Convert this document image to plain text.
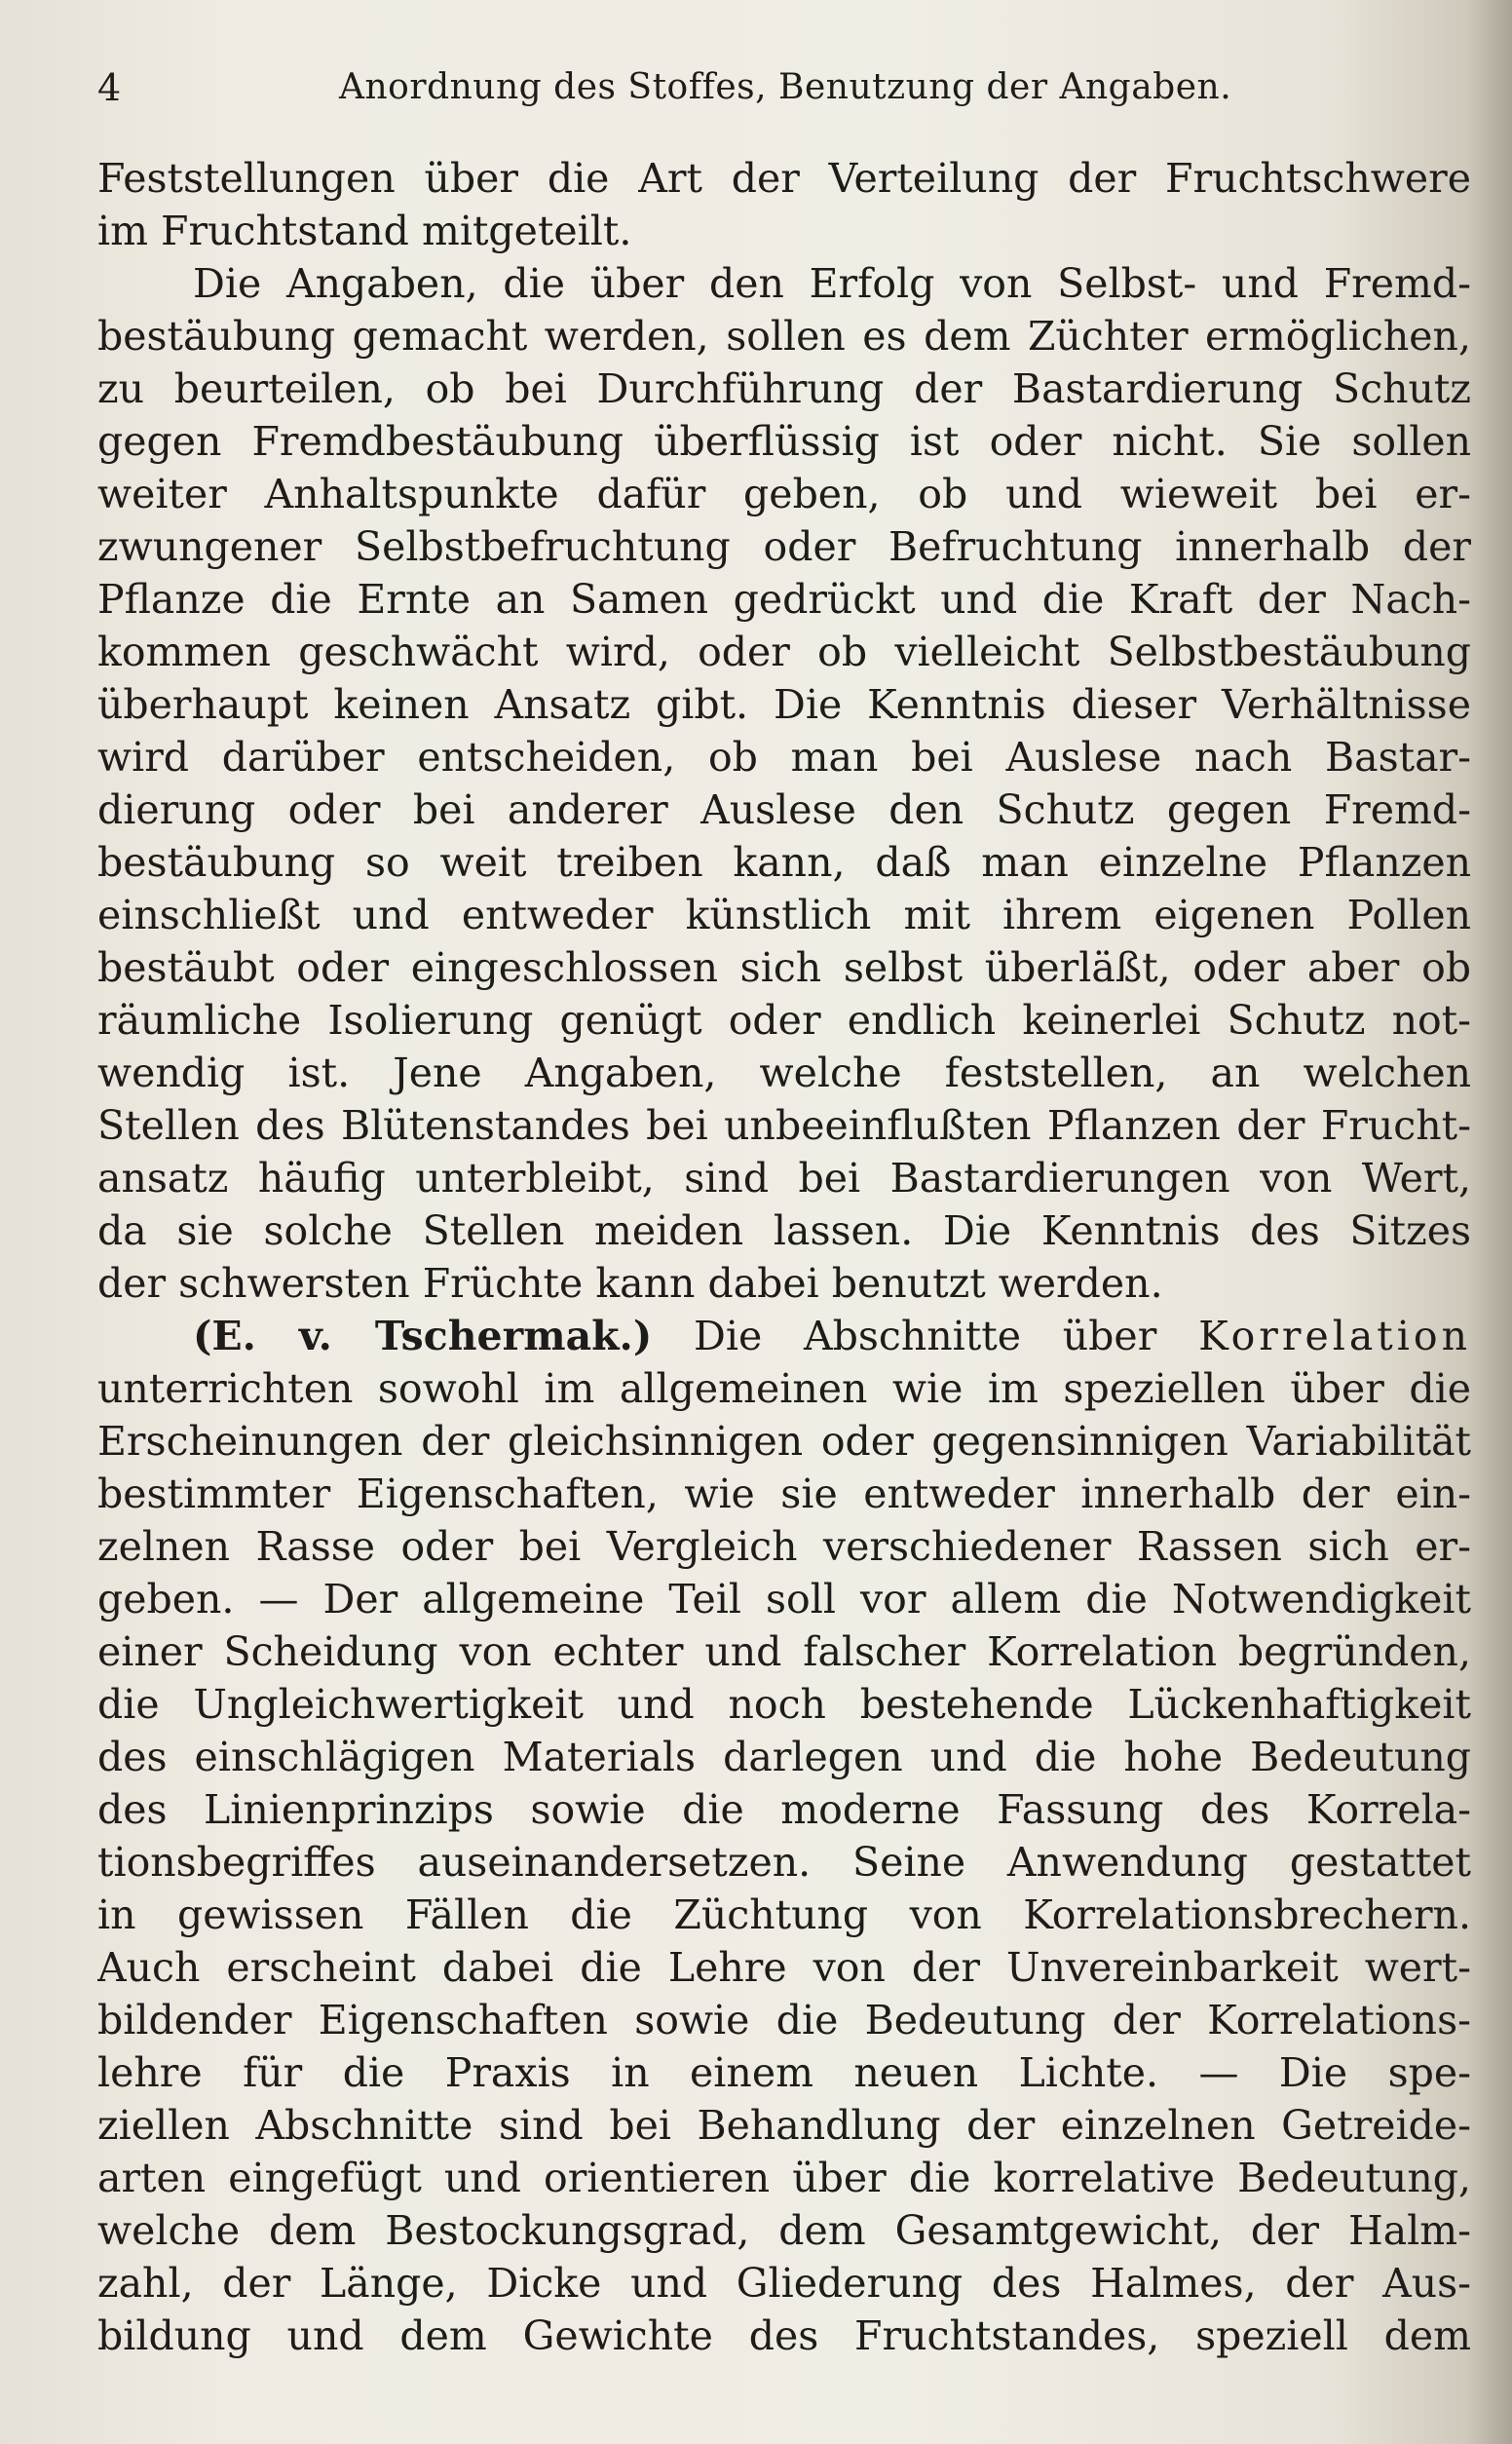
4	Anordnung des Stoffes, Benutzung der Angaben.
Feststellungen über die Art der Verteilung der Fruchtschwere
im Fruchtstand mitgeteilt.
Die Angaben, die über den Erfolg von Selbst- und Fremd-
bestäubung gemacht werden, sollen es dem Züchter ermöglichen,
zu beurteilen, ob bei Durchführung der Bastardierung Schutz
gegen Fremdbestäubung überflüssig ist oder nicht. Sie sollen
weiter Anhaltspunkte dafür geben, ob und wieweit bei er-
zwungener Selbstbefruchtung oder Befruchtung innerhalb der
Pflanze die Ernte an Samen gedrückt und die Kraft der Nach-
kommen geschwächt wird, oder ob vielleicht Selbstbestäubung
überhaupt keinen Ansatz gibt. Die Kenntnis dieser Verhältnisse
wird darüber entscheiden, ob man bei Auslese nach Bastar-
dierung oder bei anderer Auslese den Schutz gegen Fremd-
bestäubung so weit treiben kann, daß man einzelne Pflanzen
einschließt und entweder künstlich mit ihrem eigenen Pollen
bestäubt oder eingeschlossen sich selbst überläßt, oder aber ob
räumliche Isolierung genügt oder endlich keinerlei Schutz not-
wendig ist. Jene Angaben, welche feststellen, an welchen
Stellen des Blütenstandes bei unbeeinflußten Pflanzen der Frucht-
ansatz häufig unterbleibt, sind bei Bastardierungen von Wert,
da sie solche Stellen meiden lassen. Die Kenntnis des Sitzes
der schwersten Früchte kann dabei benutzt werden.
(E. v. Tschermak.) Die Abschnitte über Korrelation
unterrichten sowohl im allgemeinen wie im speziellen über die
Erscheinungen der gleichsinnigen oder gegensinnigen Variabilität
bestimmter Eigenschaften, wie sie entweder innerhalb der ein-
zelnen Rasse oder bei Vergleich verschiedener Rassen sich er-
geben. — Der allgemeine Teil soll vor allem die Notwendigkeit
einer Scheidung von echter und falscher Korrelation begründen,
die Ungleichwertigkeit und noch bestehende Lückenhaftigkeit
des einschlägigen Materials darlegen und die hohe Bedeutung
des Linienprinzips sowie die moderne Fassung des Korrela-
tionsbegriffes auseinandersetzen. Seine Anwendung gestattet
in gewissen Fällen die Züchtung von Korrelationsbrechern.
Auch erscheint dabei die Lehre von der Unvereinbarkeit wert-
bildender Eigenschaften sowie die Bedeutung der Korrelations-
lehre für die Praxis in einem neuen Lichte. — Die spe-
ziellen Abschnitte sind bei Behandlung der einzelnen Getreide-
arten eingefügt und orientieren über die korrelative Bedeutung,
welche dem Bestockungsgrad, dem Gesamtgewicht, der Halm-
zahl, der Länge, Dicke und Gliederung des Halmes, der Aus-
bildung und dem Gewichte des Fruchtstandes, speziell dem
